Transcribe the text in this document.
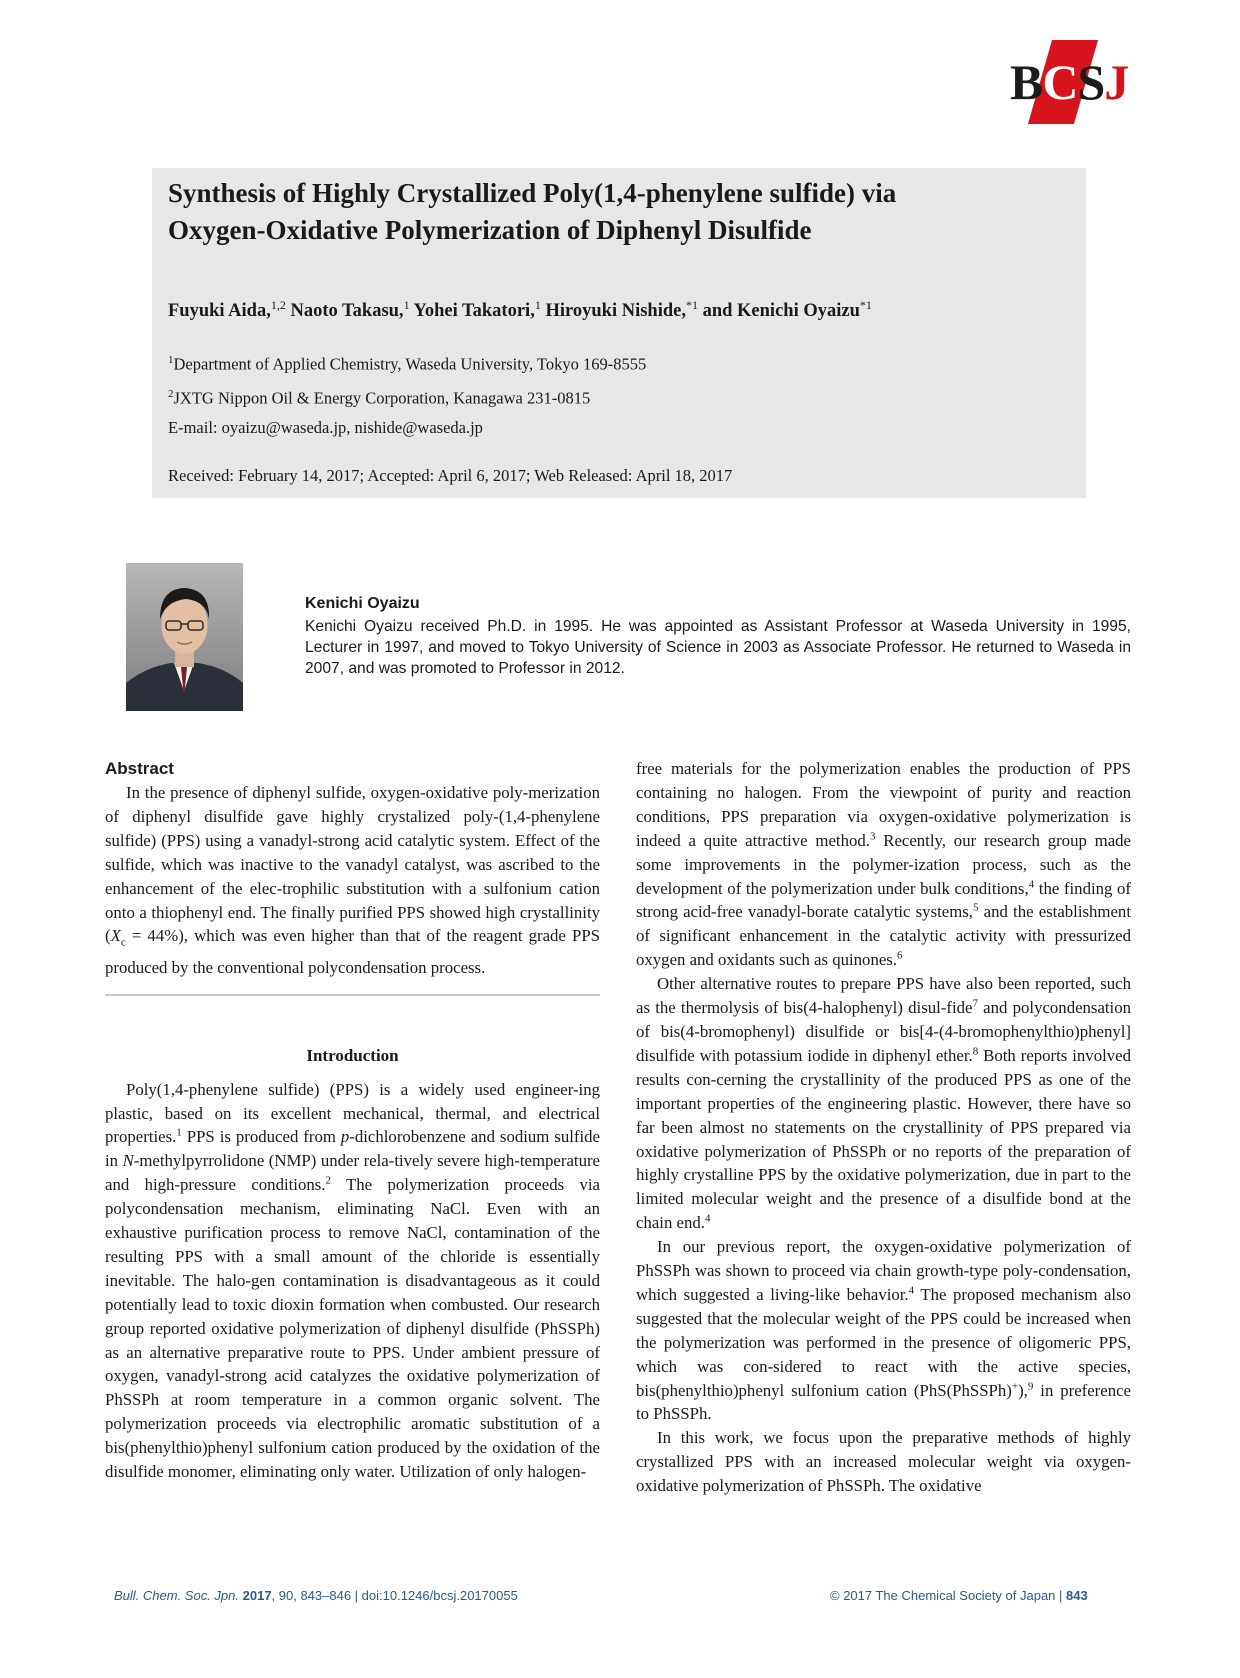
BCSJ
Synthesis of Highly Crystallized Poly(1,4-phenylene sulfide) via
Oxygen-Oxidative Polymerization of Diphenyl Disulfide
Fuyuki Aida,$^{1,2}$ Naoto Takasu,$^1$ Yohei Takatori,$^1$ Hiroyuki Nishide,$^{*1}$ and Kenichi Oyaizu$^{*1}$
$^1$Department of Applied Chemistry, Waseda University, Tokyo 169-8555
$^2$JXTG Nippon Oil & Energy Corporation, Kanagawa 231-0815
E-mail: oyaizu@waseda.jp, nishide@waseda.jp
Received: February 14, 2017; Accepted: April 6, 2017; Web Released: April 18, 2017
Kenichi Oyaizu
Kenichi Oyaizu received Ph.D. in 1995. He was appointed as Assistant Professor at Waseda University in 1995, Lecturer in 1997, and moved to Tokyo University of Science in 2003 as Associate Professor. He returned to Waseda in 2007, and was promoted to Professor in 2012.
Abstract

In the presence of diphenyl sulfide, oxygen-oxidative poly-merization of diphenyl disulfide gave highly crystalized poly-(1,4-phenylene sulfide) (PPS) using a vanadyl-strong acid catalytic system. Effect of the sulfide, which was inactive to the vanadyl catalyst, was ascribed to the enhancement of the elec-trophilic substitution with a sulfonium cation onto a thiophenyl end. The finally purified PPS showed high crystallinity $(X_c = 44\%)$, which was even higher than that of the reagent grade PPS produced by the conventional polycondensation process.

Introduction

Poly(1,4-phenylene sulfide) (PPS) is a widely used engineer-ing plastic, based on its excellent mechanical, thermal, and electrical properties.$^1$ PPS is produced from p-dichlorobenzene and sodium sulfide in N-methylpyrrolidone (NMP) under rela-tively severe high-temperature and high-pressure conditions.$^2$ The polymerization proceeds via polycondensation mechanism, eliminating NaCl. Even with an exhaustive purification process to remove NaCl, contamination of the resulting PPS with a small amount of the chloride is essentially inevitable. The halo-gen contamination is disadvantageous as it could potentially lead to toxic dioxin formation when combusted. Our research group reported oxidative polymerization of diphenyl disulfide (PhSSPh) as an alternative preparative route to PPS. Under ambient pressure of oxygen, vanadyl-strong acid catalyzes the oxidative polymerization of PhSSPh at room temperature in a common organic solvent. The polymerization proceeds via electrophilic aromatic substitution of a bis(phenylthio)phenyl sulfonium cation produced by the oxidation of the disulfide monomer, eliminating only water. Utilization of only halogen-

free materials for the polymerization enables the production of PPS containing no halogen. From the viewpoint of purity and reaction conditions, PPS preparation via oxygen-oxidative polymerization is indeed a quite attractive method.$^3$ Recently, our research group made some improvements in the polymer-ization process, such as the development of the polymerization under bulk conditions,$^4$ the finding of strong acid-free vanadyl-borate catalytic systems,$^5$ and the establishment of significant enhancement in the catalytic activity with pressurized oxygen and oxidants such as quinones.$^6$

Other alternative routes to prepare PPS have also been reported, such as the thermolysis of bis(4-halophenyl) disul-fide$^7$ and polycondensation of bis(4-bromophenyl) disulfide or bis[4-(4-bromophenylthio)phenyl] disulfide with potassium iodide in diphenyl ether.$^8$ Both reports involved results con-cerning the crystallinity of the produced PPS as one of the important properties of the engineering plastic. However, there have so far been almost no statements on the crystallinity of PPS prepared via oxidative polymerization of PhSSPh or no reports of the preparation of highly crystalline PPS by the oxidative polymerization, due in part to the limited molecular weight and the presence of a disulfide bond at the chain end.$^4$

In our previous report, the oxygen-oxidative polymerization of PhSSPh was shown to proceed via chain growth-type poly-condensation, which suggested a living-like behavior.$^4$ The proposed mechanism also suggested that the molecular weight of the PPS could be increased when the polymerization was performed in the presence of oligomeric PPS, which was con-sidered to react with the active species, bis(phenylthio)phenyl sulfonium cation (PhS(PhSSPh)+),$^9$ in preference to PhSSPh.

In this work, we focus upon the preparative methods of highly crystallized PPS with an increased molecular weight via oxygen-oxidative polymerization of PhSSPh. The oxidative

Bull. Chem. Soc. Jpn. 2017, 90, 843–846 | doi:10.1246/bcsj.20170055	© 2017 The Chemical Society of Japan | 843
